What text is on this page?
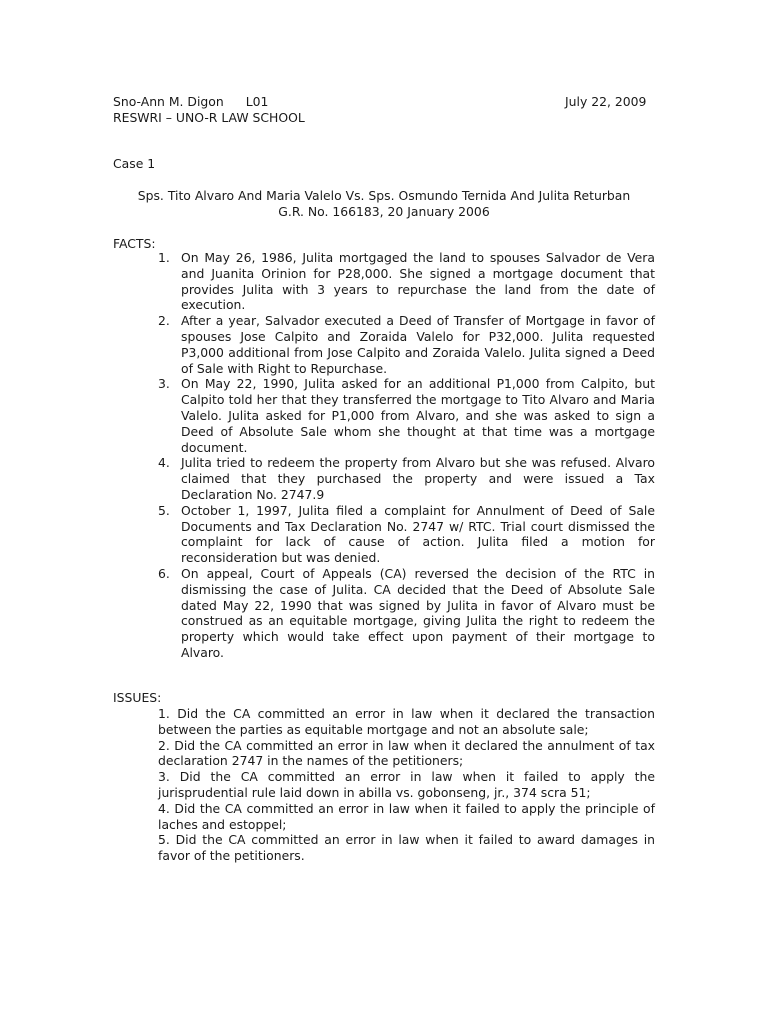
Sno-Ann M. Digon L01
RESWRI – UNO-R LAW SCHOOL
July 22, 2009
Case 1
Sps. Tito Alvaro And Maria Valelo Vs. Sps. Osmundo Ternida And Julita Returban
G.R. No. 166183, 20 January 2006
FACTS:
1. On May 26, 1986, Julita mortgaged the land to spouses Salvador de Vera and Juanita Orinion for P28,000. She signed a mortgage document that provides Julita with 3 years to repurchase the land from the date of execution.
2. After a year, Salvador executed a Deed of Transfer of Mortgage in favor of spouses Jose Calpito and Zoraida Valelo for P32,000. Julita requested P3,000 additional from Jose Calpito and Zoraida Valelo. Julita signed a Deed of Sale with Right to Repurchase.
3. On May 22, 1990, Julita asked for an additional P1,000 from Calpito, but Calpito told her that they transferred the mortgage to Tito Alvaro and Maria Valelo. Julita asked for P1,000 from Alvaro, and she was asked to sign a Deed of Absolute Sale whom she thought at that time was a mortgage document.
4. Julita tried to redeem the property from Alvaro but she was refused. Alvaro claimed that they purchased the property and were issued a Tax Declaration No. 2747.9
5. October 1, 1997, Julita filed a complaint for Annulment of Deed of Sale Documents and Tax Declaration No. 2747 w/ RTC. Trial court dismissed the complaint for lack of cause of action. Julita filed a motion for reconsideration but was denied.
6. On appeal, Court of Appeals (CA) reversed the decision of the RTC in dismissing the case of Julita. CA decided that the Deed of Absolute Sale dated May 22, 1990 that was signed by Julita in favor of Alvaro must be construed as an equitable mortgage, giving Julita the right to redeem the property which would take effect upon payment of their mortgage to Alvaro.
ISSUES:
1. Did the CA committed an error in law when it declared the transaction between the parties as equitable mortgage and not an absolute sale;
2. Did the CA committed an error in law when it declared the annulment of tax declaration 2747 in the names of the petitioners;
3. Did the CA committed an error in law when it failed to apply the jurisprudential rule laid down in abilla vs. gobonseng, jr., 374 scra 51;
4. Did the CA committed an error in law when it failed to apply the principle of laches and estoppel;
5. Did the CA committed an error in law when it failed to award damages in favor of the petitioners.
